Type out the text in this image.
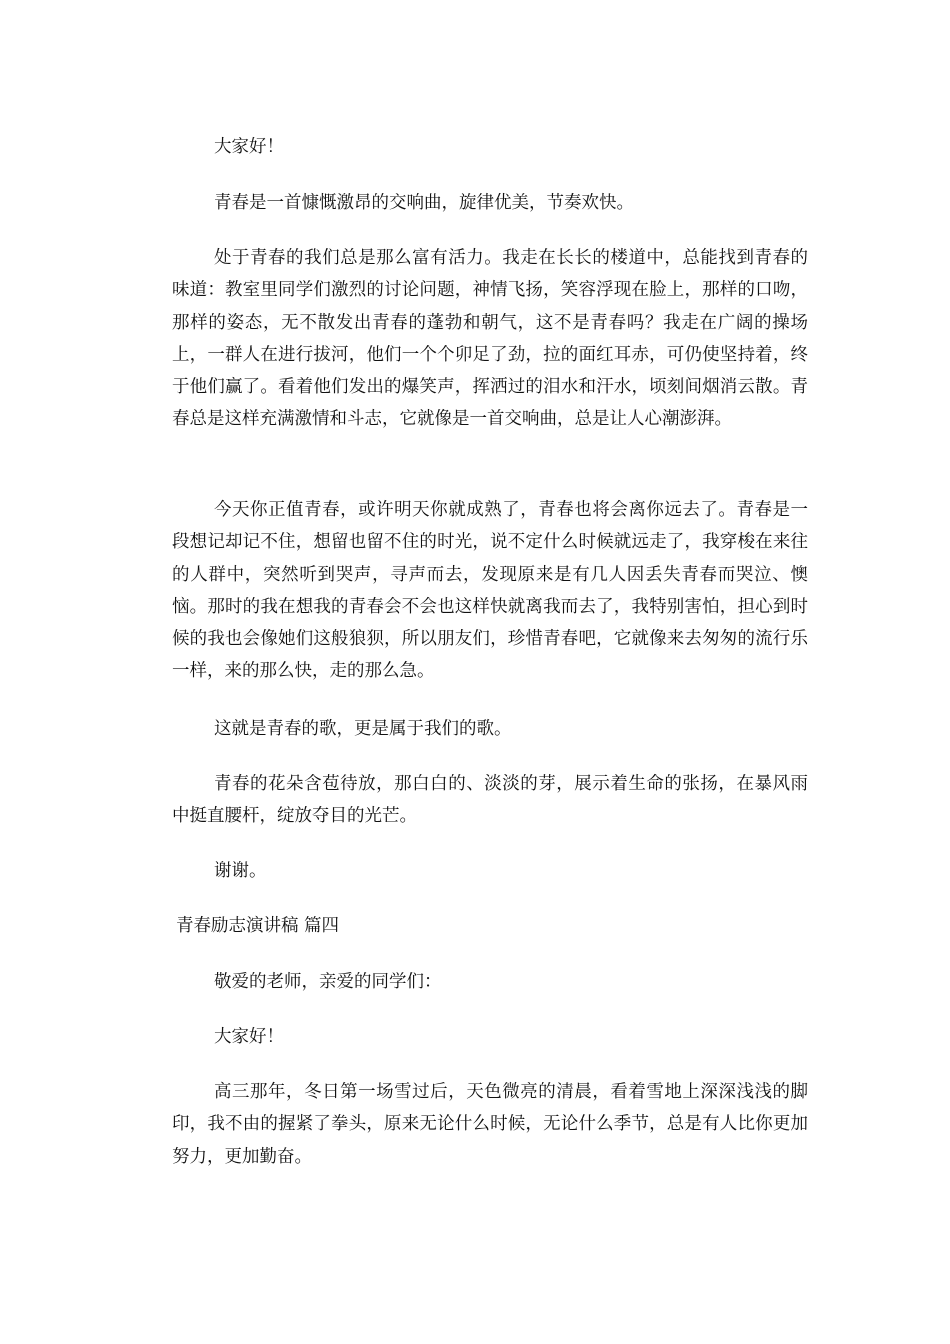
大家好！

青春是一首慷慨激昂的交响曲，旋律优美，节奏欢快。

处于青春的我们总是那么富有活力。我走在长长的楼道中，总能找到青春的味道：教室里同学们激烈的讨论问题，神情飞扬，笑容浮现在脸上，那样的口吻，那样的姿态，无不散发出青春的蓬勃和朝气，这不是青春吗？我走在广阔的操场上，一群人在进行拔河，他们一个个卯足了劲，拉的面红耳赤，可仍使坚持着，终于他们赢了。看着他们发出的爆笑声，挥洒过的泪水和汗水，顷刻间烟消云散。青春总是这样充满激情和斗志，它就像是一首交响曲，总是让人心潮澎湃。

今天你正值青春，或许明天你就成熟了，青春也将会离你远去了。青春是一段想记却记不住，想留也留不住的时光，说不定什么时候就远走了，我穿梭在来往的人群中，突然听到哭声，寻声而去，发现原来是有几人因丢失青春而哭泣、懊恼。那时的我在想我的青春会不会也这样快就离我而去了，我特别害怕，担心到时候的我也会像她们这般狼狈，所以朋友们，珍惜青春吧，它就像来去匆匆的流行乐一样，来的那么快，走的那么急。

这就是青春的歌，更是属于我们的歌。

青春的花朵含苞待放，那白白的、淡淡的芽，展示着生命的张扬，在暴风雨中挺直腰杆，绽放夺目的光芒。

谢谢。

青春励志演讲稿 篇四

敬爱的老师，亲爱的同学们：

大家好！

高三那年，冬日第一场雪过后，天色微亮的清晨，看着雪地上深深浅浅的脚印，我不由的握紧了拳头，原来无论什么时候，无论什么季节，总是有人比你更加努力，更加勤奋。
